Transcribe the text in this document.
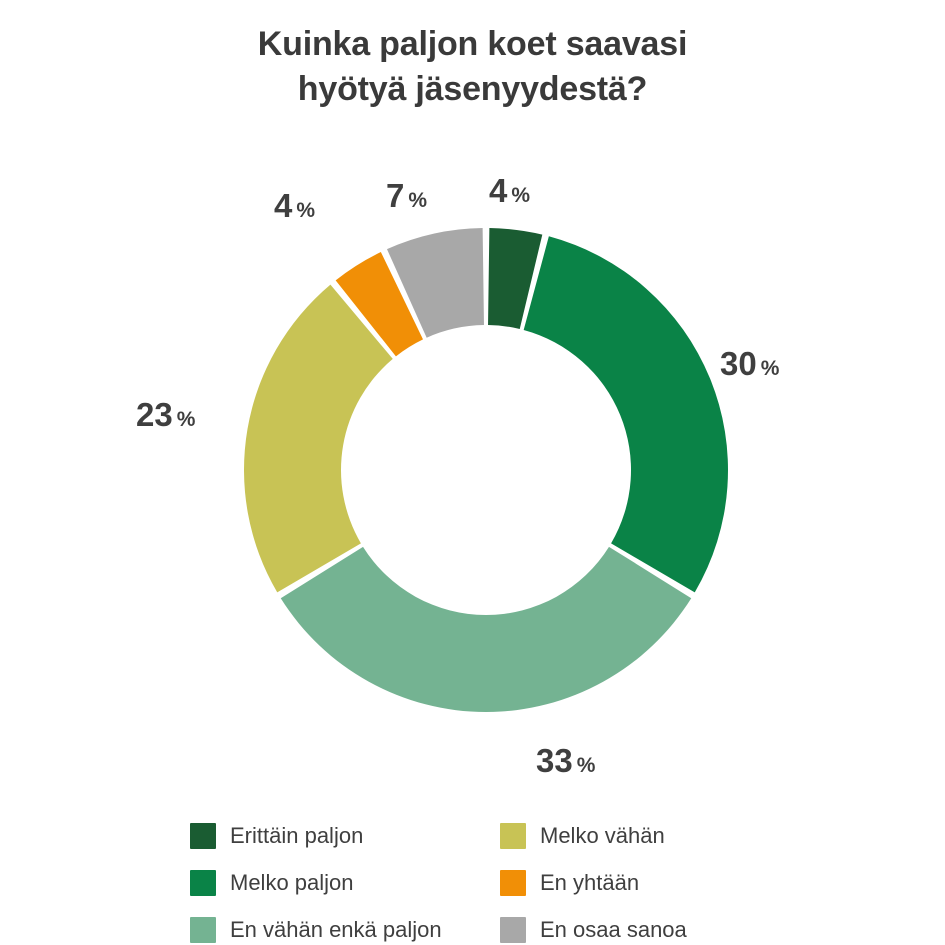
Kuinka paljon koet saavasi
hyötyä jäsenyydestä?
4 %
30 %
33 %
23 %
4 % 7 %
Erittäin paljon	Melko vähän
Melko paljon	En yhtään
En vähän enkä paljon	En osaa sanoa
